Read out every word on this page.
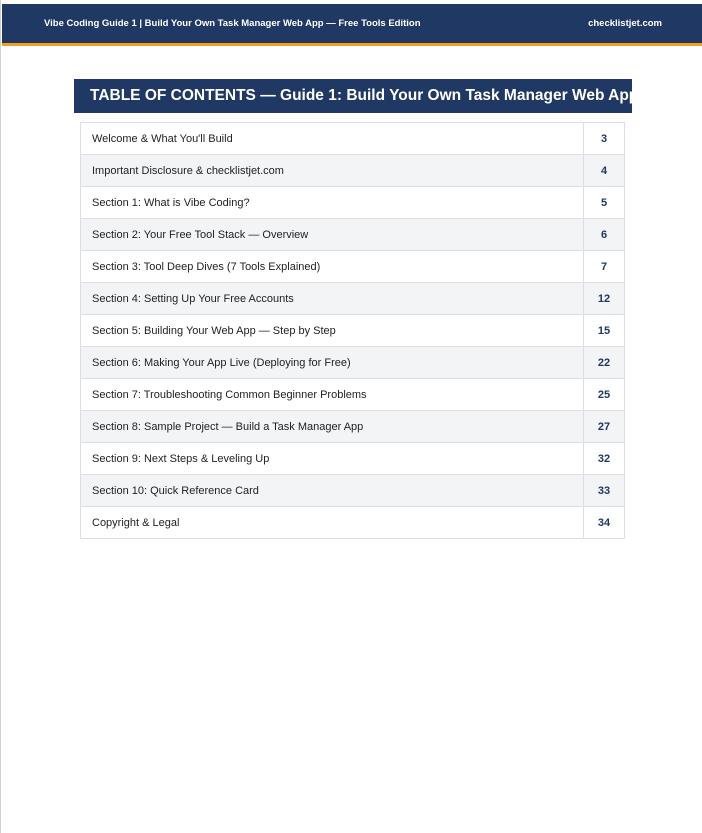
Vibe Coding Guide 1 | Build Your Own Task Manager Web App — Free Tools Edition	checklistjet.com
TABLE OF CONTENTS — Guide 1: Build Your Own Task Manager Web App
Welcome & What You'll Build	3
Important Disclosure & checklistjet.com	4
Section 1: What is Vibe Coding?	5
Section 2: Your Free Tool Stack — Overview	6
Section 3: Tool Deep Dives (7 Tools Explained)	7
Section 4: Setting Up Your Free Accounts	12
Section 5: Building Your Web App — Step by Step	15
Section 6: Making Your App Live (Deploying for Free)	22
Section 7: Troubleshooting Common Beginner Problems	25
Section 8: Sample Project — Build a Task Manager App	27
Section 9: Next Steps & Leveling Up	32
Section 10: Quick Reference Card	33
Copyright & Legal	34
